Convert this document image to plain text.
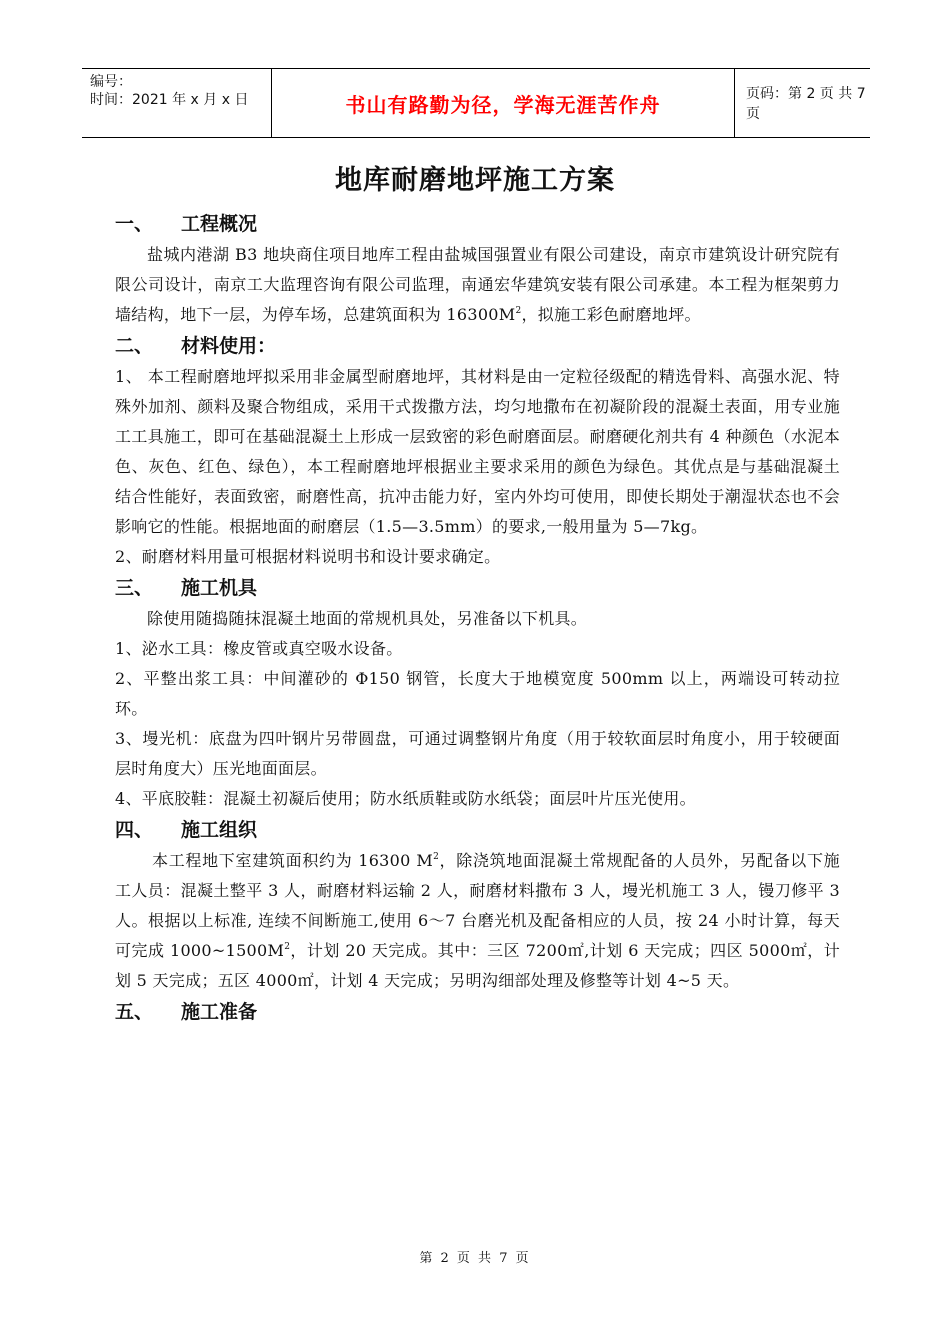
编号：
时间：2021 年 x 月 x 日	书山有路勤为径，学海无涯苦作舟	页码：第 2 页 共 7 页
地库耐磨地坪施工方案
一、	工程概况
盐城内港湖 B3 地块商住项目地库工程由盐城国强置业有限公司建设，南京市建筑设计研究院有限公司设计，南京工大监理咨询有限公司监理，南通宏华建筑安装有限公司承建。本工程为框架剪力墙结构，地下一层，为停车场，总建筑面积为 $16300M^2$，拟施工彩色耐磨地坪。
二、	材料使用：
1、 本工程耐磨地坪拟采用非金属型耐磨地坪，其材料是由一定粒径级配的精选骨料、高强水泥、特殊外加剂、颜料及聚合物组成，采用干式拨撒方法，均匀地撒布在初凝阶段的混凝土表面，用专业施工工具施工，即可在基础混凝土上形成一层致密的彩色耐磨面层。耐磨硬化剂共有 4 种颜色（水泥本色、灰色、红色、绿色），本工程耐磨地坪根据业主要求采用的颜色为绿色。其优点是与基础混凝土结合性能好，表面致密，耐磨性高，抗冲击能力好，室内外均可使用，即使长期处于潮湿状态也不会影响它的性能。根据地面的耐磨层（1.5—3.5mm）的要求,一般用量为 5—7kg。
2、耐磨材料用量可根据材料说明书和设计要求确定。
三、	施工机具
除使用随捣随抹混凝土地面的常规机具处，另准备以下机具。
1、泌水工具：橡皮管或真空吸水设备。
2、平整出浆工具：中间灌砂的 Φ150 钢管，长度大于地模宽度 500mm 以上，两端设可转动拉环。
3、墁光机：底盘为四叶钢片另带圆盘，可通过调整钢片角度（用于较软面层时角度小，用于较硬面层时角度大）压光地面面层。
4、平底胶鞋：混凝土初凝后使用；防水纸质鞋或防水纸袋；面层叶片压光使用。
四、	施工组织
本工程地下室建筑面积约为 16300 $M^2$，除浇筑地面混凝土常规配备的人员外，另配备以下施工人员：混凝土整平 3 人，耐磨材料运输 2 人，耐磨材料撒布 3 人，墁光机施工 3 人，镘刀修平 3 人。根据以上标准, 连续不间断施工,使用 6～7 台磨光机及配备相应的人员，按 24 小时计算，每天可完成 $1000\sim 1500M^2$，计划 20 天完成。其中：三区 7200㎡,计划 6 天完成；四区 5000㎡，计划 5 天完成；五区 4000㎡，计划 4 天完成；另明沟细部处理及修整等计划 4~5 天。
五、	施工准备
第 2 页 共 7 页
